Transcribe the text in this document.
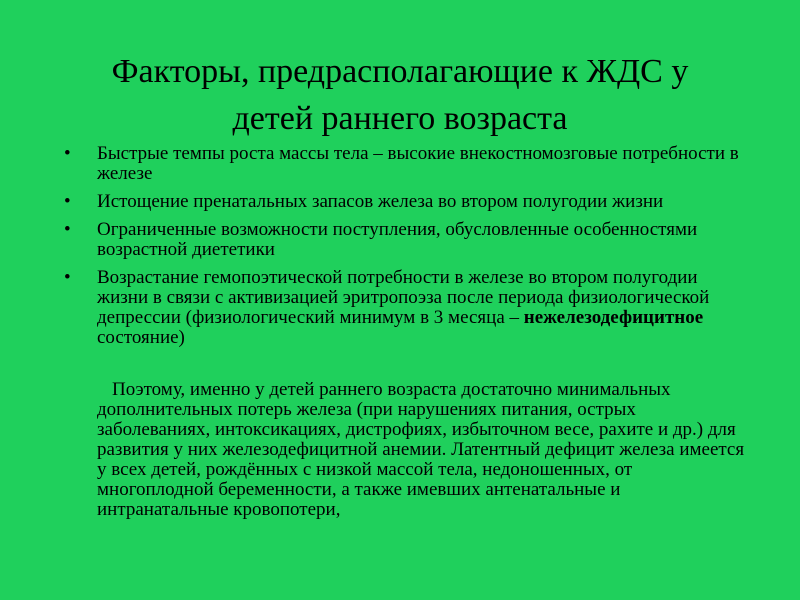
Факторы, предрасполагающие к ЖДС у
детей раннего возраста
•	Быстрые темпы роста массы тела – высокие внекостномозговые потребности в железе
•	Истощение пренатальных запасов железа во втором полугодии жизни
•	Ограниченные возможности поступления, обусловленные особенностями возрастной диететики
•	Возрастание гемопоэтической потребности в железе во втором полугодии жизни в связи с активизацией эритропоэза после периода физиологической депрессии (физиологический минимум в 3 месяца – нежелезодефицитное состояние)

Поэтому, именно у детей раннего возраста достаточно минимальных дополнительных потерь железа (при нарушениях питания, острых заболеваниях, интоксикациях, дистрофиях, избыточном весе, рахите и др.) для развития у них железодефицитной анемии. Латентный дефицит железа имеется у всех детей, рождённых с низкой массой тела, недоношенных, от многоплодной беременности, а также имевших антенатальные и интранатальные кровопотери,
